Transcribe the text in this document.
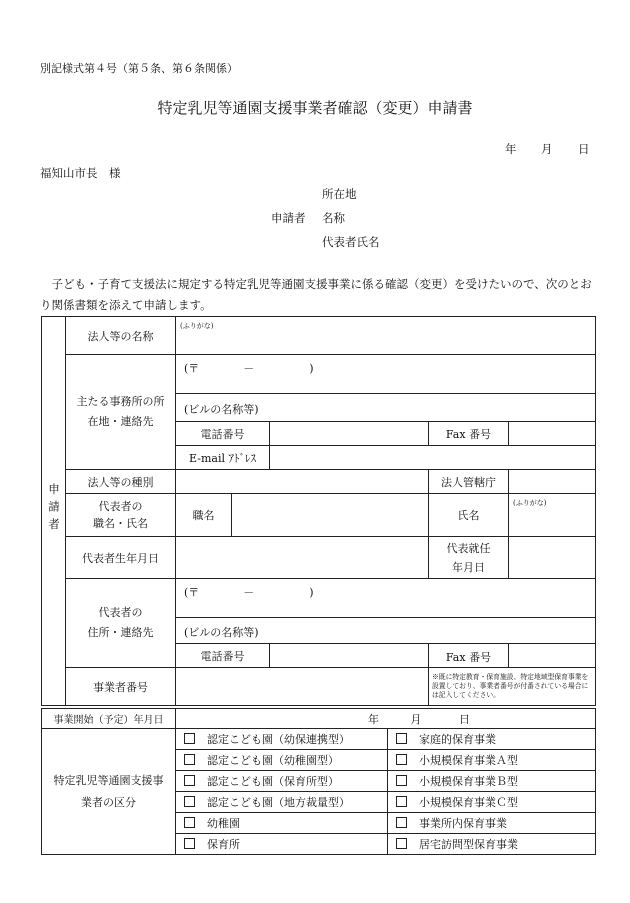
別記様式第４号（第５条、第６条関係）
特定乳児等通園支援事業者確認（変更）申請書
年 月 日
福知山市長　様
所在地
申請者 名称
代表者氏名
　子ども・子育て支援法に規定する特定乳児等通園支援事業に係る確認（変更）を受けたいので、次のとおり関係書類を添えて申請します。
申請者	法人等の名称	(ふりがな)				

	主たる事務所の所
在地・連絡先	(〒　　　　－　　　　　)				
		(ビルの名称等)				
		電話番号			Fax 番号	
		E-mail ｱﾄﾞﾚｽ				
	法人等の種別				法人管轄庁	

	代表者の
職名・氏名	職名			氏名	(ふりがな)
	代表者生年月日				代表就任
年月日	

	代表者の
住所・連絡先	(〒　　　　－　　　　　)				
		(ビルの名称等)				
		電話番号			Fax 番号	
	事業者番号				※既に特定教育・保育施設、特定地域型保育事業を設置しており、事業者番号が付番されている場合には記入してください。	
事業開始（予定）年月日	年 月 日	

特定乳児等通園支援事
業者の区分	認定こども園（幼保連携型）	家庭的保育事業
	認定こども園（幼稚園型）	小規模保育事業Ａ型
	認定こども園（保育所型）	小規模保育事業Ｂ型
	認定こども園（地方裁量型）	小規模保育事業Ｃ型
	幼稚園	事業所内保育事業
	保育所	居宅訪問型保育事業
